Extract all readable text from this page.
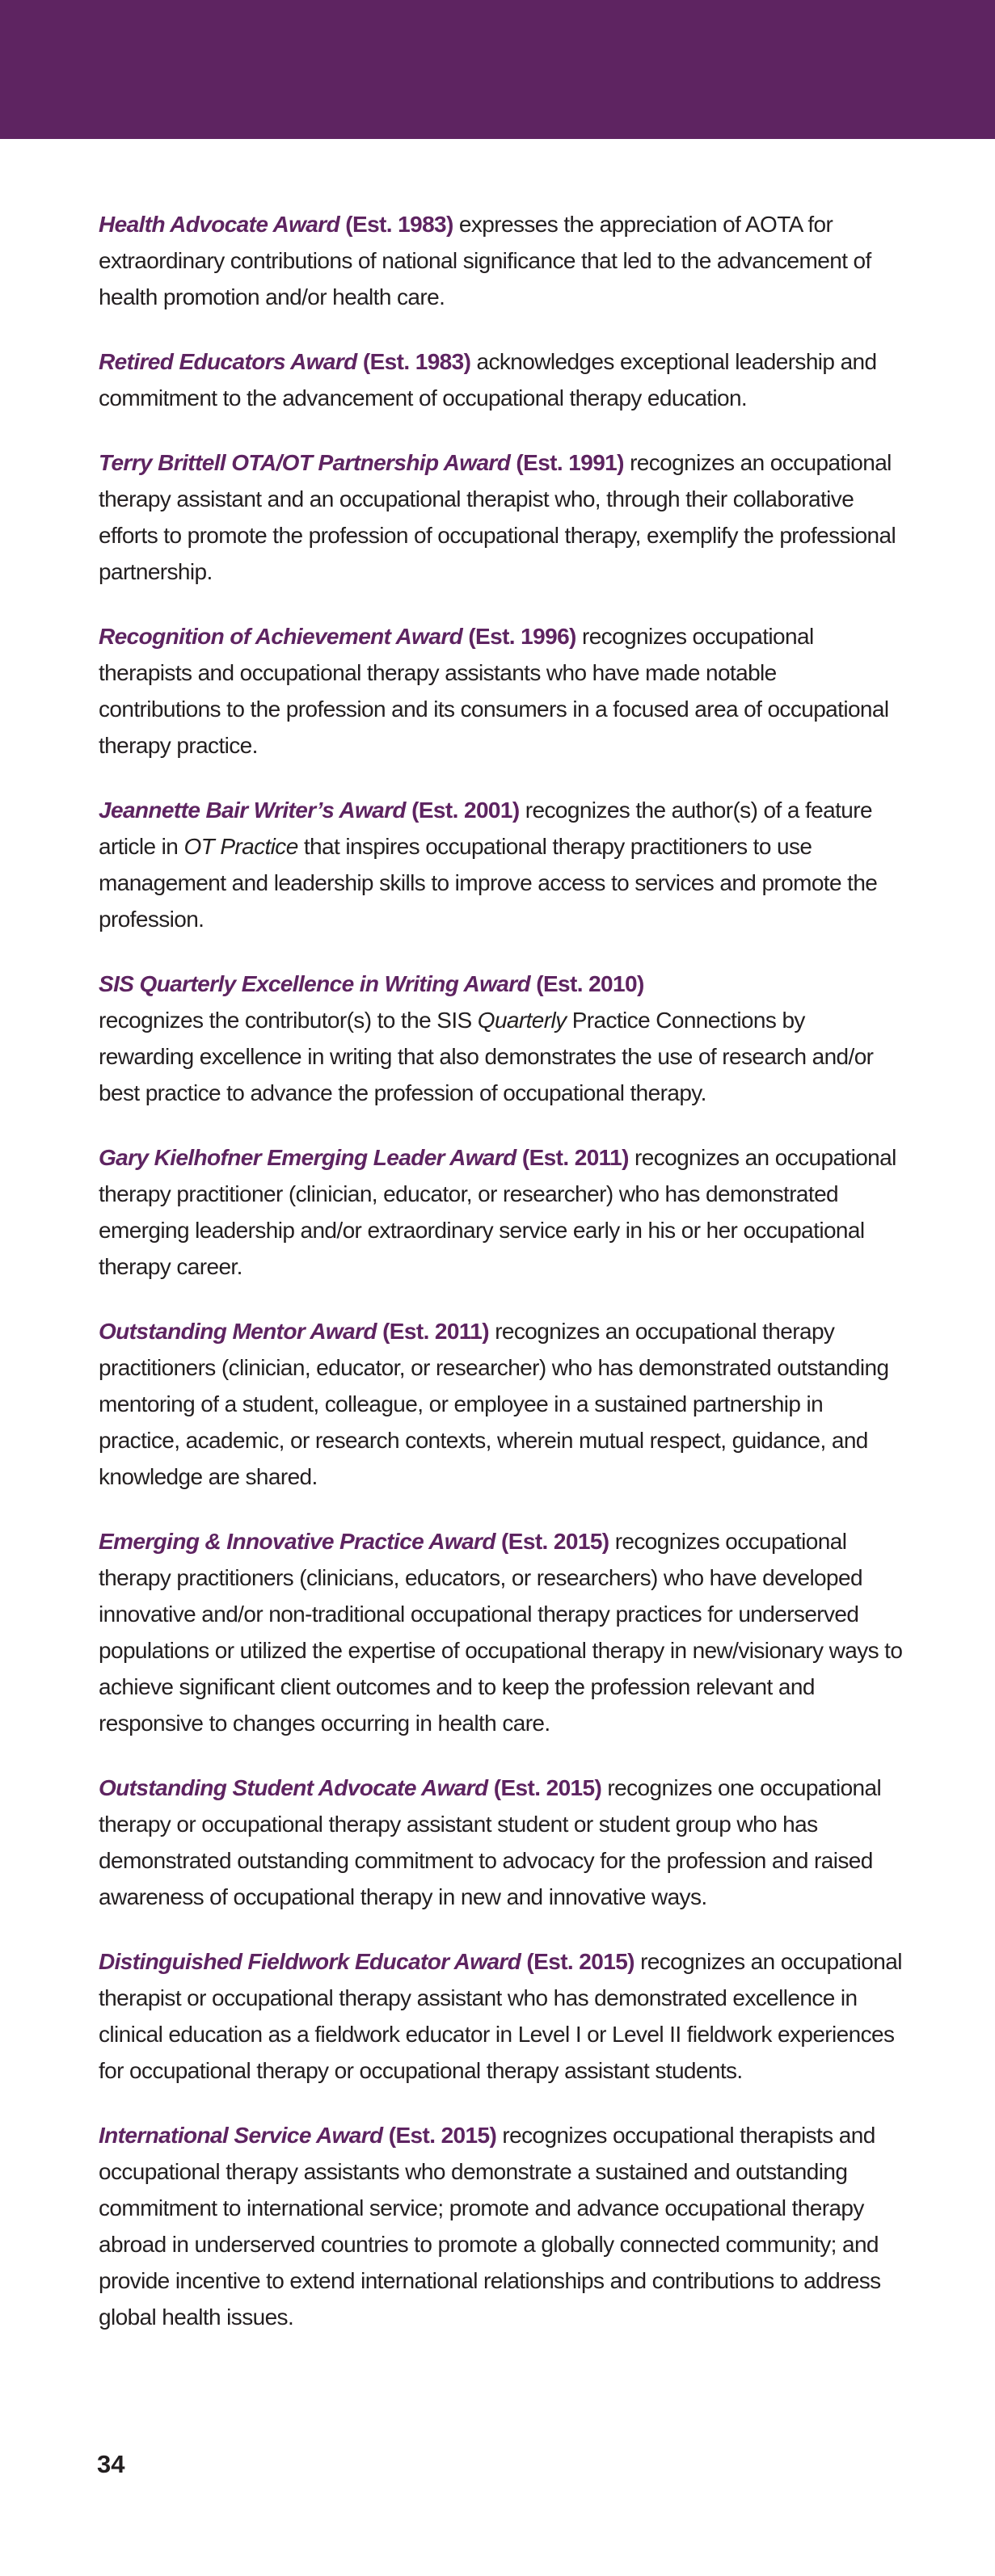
Health Advocate Award (Est. 1983) expresses the appreciation of AOTA for extraordinary contributions of national significance that led to the advancement of health promotion and/or health care.

Retired Educators Award (Est. 1983) acknowledges exceptional leadership and commitment to the advancement of occupational therapy education.

Terry Brittell OTA/OT Partnership Award (Est. 1991) recognizes an occupational therapy assistant and an occupational therapist who, through their collaborative efforts to promote the profession of occupational therapy, exemplify the professional partnership.

Recognition of Achievement Award (Est. 1996) recognizes occupational therapists and occupational therapy assistants who have made notable contributions to the profession and its consumers in a focused area of occupational therapy practice.

Jeannette Bair Writer’s Award (Est. 2001) recognizes the author(s) of a feature article in OT Practice that inspires occupational therapy practitioners to use management and leadership skills to improve access to services and promote the profession.

SIS Quarterly Excellence in Writing Award (Est. 2010)
recognizes the contributor(s) to the SIS Quarterly Practice Connections by rewarding excellence in writing that also demonstrates the use of research and/or best practice to advance the profession of occupational therapy.

Gary Kielhofner Emerging Leader Award (Est. 2011) recognizes an occupational therapy practitioner (clinician, educator, or researcher) who has demonstrated emerging leadership and/or extraordinary service early in his or her occupational therapy career.

Outstanding Mentor Award (Est. 2011) recognizes an occupational therapy practitioners (clinician, educator, or researcher) who has demonstrated outstanding mentoring of a student, colleague, or employee in a sustained partnership in practice, academic, or research contexts, wherein mutual respect, guidance, and knowledge are shared.

Emerging & Innovative Practice Award (Est. 2015) recognizes occupational therapy practitioners (clinicians, educators, or researchers) who have developed innovative and/or non-traditional occupational therapy practices for underserved populations or utilized the expertise of occupational therapy in new/visionary ways to achieve significant client outcomes and to keep the profession relevant and responsive to changes occurring in health care.

Outstanding Student Advocate Award (Est. 2015) recognizes one occupational therapy or occupational therapy assistant student or student group who has demonstrated outstanding commitment to advocacy for the profession and raised awareness of occupational therapy in new and innovative ways.

Distinguished Fieldwork Educator Award (Est. 2015) recognizes an occupational therapist or occupational therapy assistant who has demonstrated excellence in clinical education as a fieldwork educator in Level I or Level II fieldwork experiences for occupational therapy or occupational therapy assistant students.

International Service Award (Est. 2015) recognizes occupational therapists and occupational therapy assistants who demonstrate a sustained and outstanding commitment to international service; promote and advance occupational therapy abroad in underserved countries to promote a globally connected community; and provide incentive to extend international relationships and contributions to address global health issues.

34
